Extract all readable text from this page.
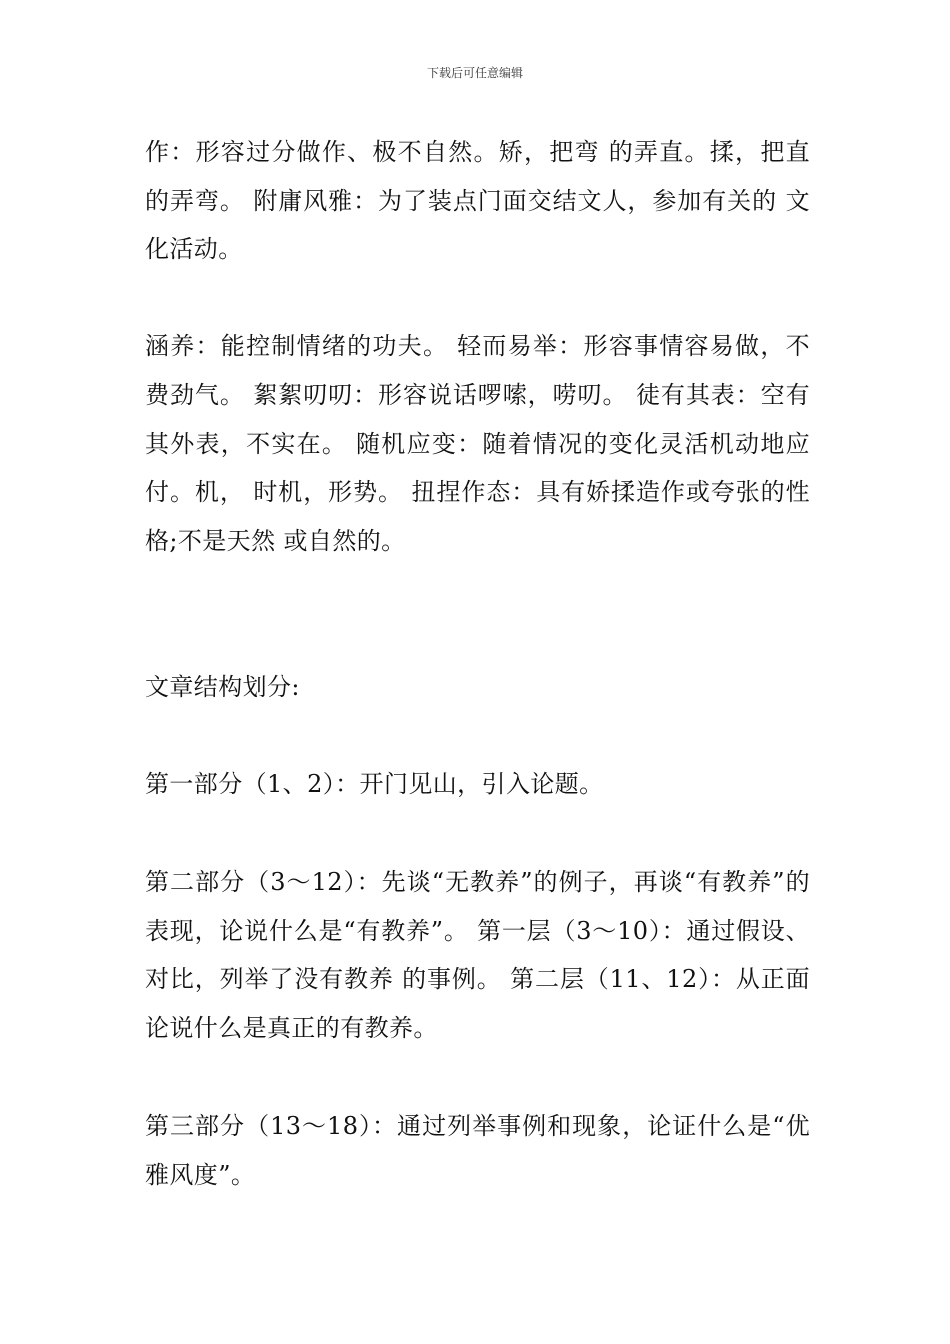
下载后可任意编辑

作：形容过分做作、极不自然。矫，把弯 的弄直。揉，把直的弄弯。 附庸风雅：为了装点门面交结文人，参加有关的 文化活动。

涵养：能控制情绪的功夫。 轻而易举：形容事情容易做，不费劲气。 絮絮叨叨：形容说话啰嗦，唠叨。 徒有其表：空有其外表，不实在。 随机应变：随着情况的变化灵活机动地应付。机， 时机，形势。 扭捏作态：具有娇揉造作或夸张的性格;不是天然 或自然的。

文章结构划分:

第一部分（1、2）：开门见山，引入论题。

第二部分（3～12）：先谈“无教养”的例子，再谈“有教养”的表现，论说什么是“有教养”。 第一层（3～10）：通过假设、对比，列举了没有教养 的事例。 第二层（11、12）：从正面论说什么是真正的有教养。

第三部分（13～18）：通过列举事例和现象，论证什么是“优雅风度”。
